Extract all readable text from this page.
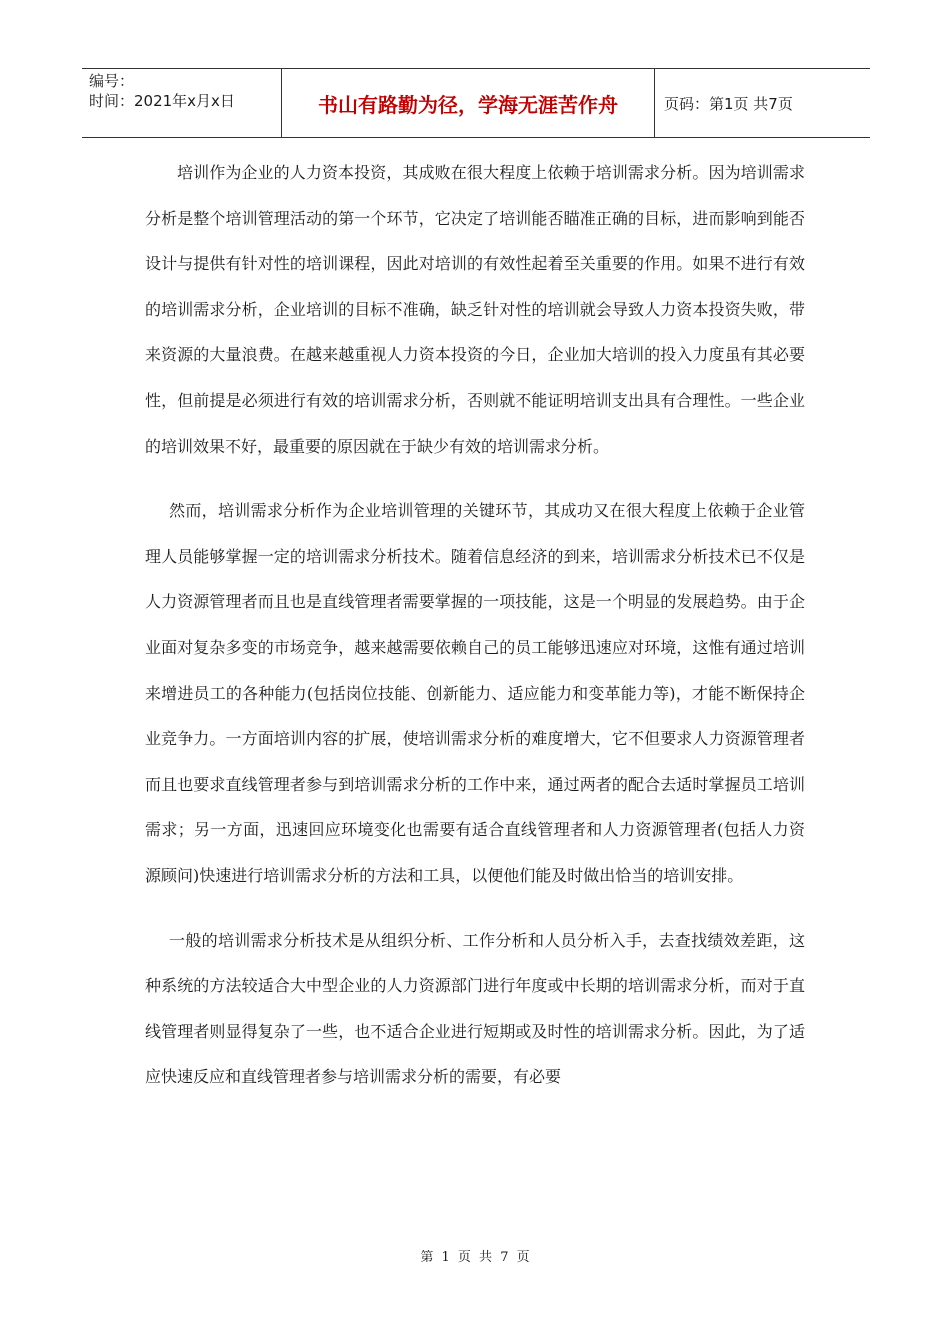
编号：
时间：2021年x月x日	书山有路勤为径，学海无涯苦作舟	页码：第1页 共7页

培训作为企业的人力资本投资，其成败在很大程度上依赖于培训需求分析。因为培训需求分析是整个培训管理活动的第一个环节，它决定了培训能否瞄准正确的目标，进而影响到能否设计与提供有针对性的培训课程，因此对培训的有效性起着至关重要的作用。如果不进行有效的培训需求分析，企业培训的目标不准确，缺乏针对性的培训就会导致人力资本投资失败，带来资源的大量浪费。在越来越重视人力资本投资的今日，企业加大培训的投入力度虽有其必要性，但前提是必须进行有效的培训需求分析，否则就不能证明培训支出具有合理性。一些企业的培训效果不好，最重要的原因就在于缺少有效的培训需求分析。

然而，培训需求分析作为企业培训管理的关键环节，其成功又在很大程度上依赖于企业管理人员能够掌握一定的培训需求分析技术。随着信息经济的到来，培训需求分析技术已不仅是人力资源管理者而且也是直线管理者需要掌握的一项技能，这是一个明显的发展趋势。由于企业面对复杂多变的市场竞争，越来越需要依赖自己的员工能够迅速应对环境，这惟有通过培训来增进员工的各种能力(包括岗位技能、创新能力、适应能力和变革能力等)，才能不断保持企业竞争力。一方面培训内容的扩展，使培训需求分析的难度增大，它不但要求人力资源管理者而且也要求直线管理者参与到培训需求分析的工作中来，通过两者的配合去适时掌握员工培训需求；另一方面，迅速回应环境变化也需要有适合直线管理者和人力资源管理者(包括人力资源顾问)快速进行培训需求分析的方法和工具，以便他们能及时做出恰当的培训安排。

一般的培训需求分析技术是从组织分析、工作分析和人员分析入手，去查找绩效差距，这种系统的方法较适合大中型企业的人力资源部门进行年度或中长期的培训需求分析，而对于直线管理者则显得复杂了一些，也不适合企业进行短期或及时性的培训需求分析。因此，为了适应快速反应和直线管理者参与培训需求分析的需要，有必要

第 1 页 共 7 页
